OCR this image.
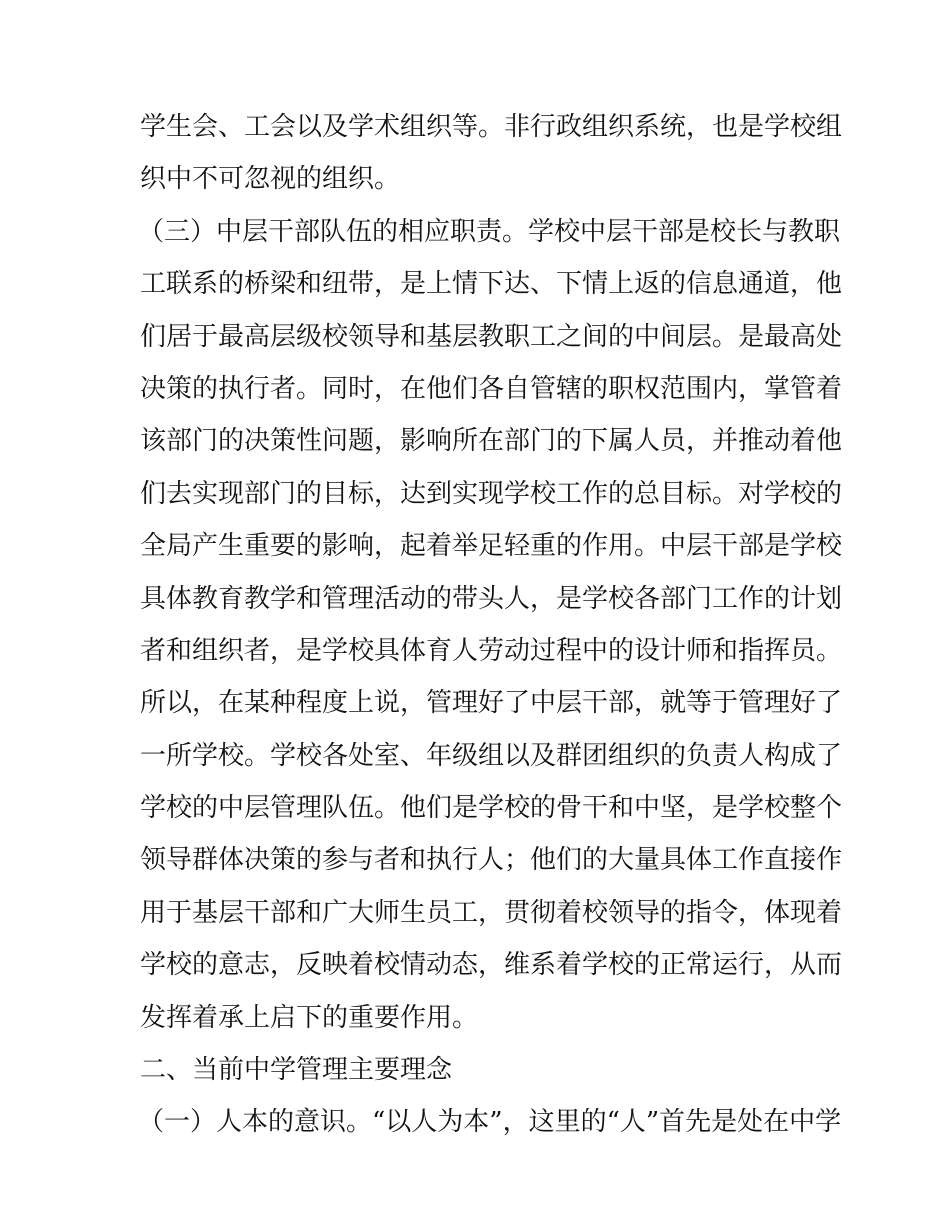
学生会、工会以及学术组织等。非行政组织系统，也是学校组
织中不可忽视的组织。
（三）中层干部队伍的相应职责。学校中层干部是校长与教职
工联系的桥梁和纽带，是上情下达、下情上返的信息通道，他
们居于最高层级校领导和基层教职工之间的中间层。是最高处
决策的执行者。同时，在他们各自管辖的职权范围内，掌管着
该部门的决策性问题，影响所在部门的下属人员，并推动着他
们去实现部门的目标，达到实现学校工作的总目标。对学校的
全局产生重要的影响，起着举足轻重的作用。中层干部是学校
具体教育教学和管理活动的带头人，是学校各部门工作的计划
者和组织者，是学校具体育人劳动过程中的设计师和指挥员。
所以，在某种程度上说，管理好了中层干部，就等于管理好了
一所学校。学校各处室、年级组以及群团组织的负责人构成了
学校的中层管理队伍。他们是学校的骨干和中坚，是学校整个
领导群体决策的参与者和执行人；他们的大量具体工作直接作
用于基层干部和广大师生员工，贯彻着校领导的指令，体现着
学校的意志，反映着校情动态，维系着学校的正常运行，从而
发挥着承上启下的重要作用。
二、当前中学管理主要理念
（一）人本的意识。“以人为本”，这里的“人”首先是处在中学
